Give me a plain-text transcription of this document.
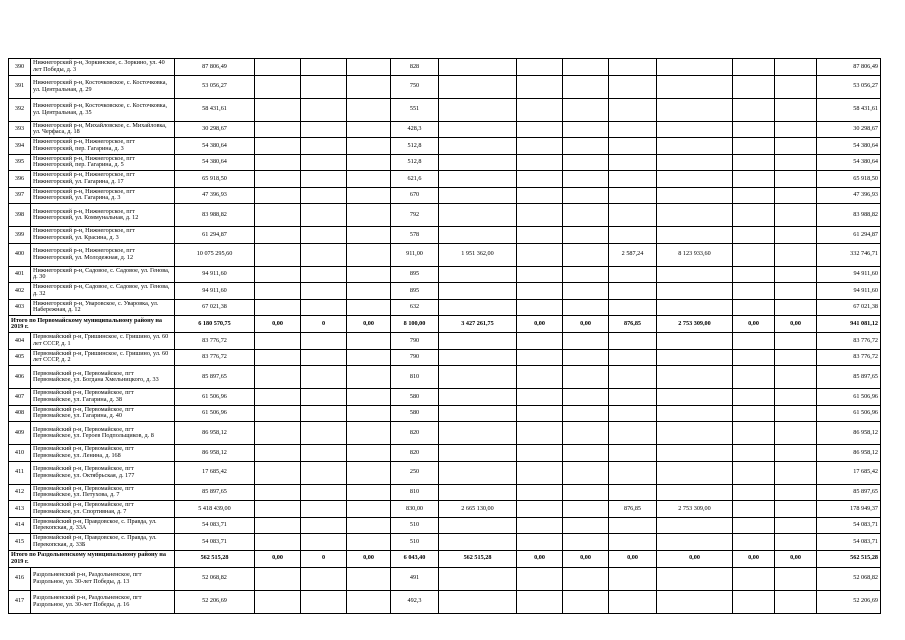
390	Нижнегорский р-н, Зоркинское, с. Зоркино, ул. 40 лет Победы, д. 3	87 806,49				828								87 806,49
391	Нижнегорский р-н, Косточковское, с. Косточковка, ул. Центральная, д. 29	53 056,27				750								53 056,27
392	Нижнегорский р-н, Косточковское, с. Косточковка, ул. Центральная, д. 35	58 431,61				551								58 431,61
393	Нижнегорский р-н, Михайловское, с. Михайловка, ул. Черфаса, д. 18	30 298,67				428,3								30 298,67
394	Нижнегорский р-н, Нижнегорское, пгт Нижнегорский, пер. Гагарина, д. 3	54 380,64				512,8								54 380,64
395	Нижнегорский р-н, Нижнегорское, пгт Нижнегорский, пер. Гагарина, д. 5	54 380,64				512,8								54 380,64
396	Нижнегорский р-н, Нижнегорское, пгт Нижнегорский, ул. Гагарина, д. 17	65 918,50				621,6								65 918,50
397	Нижнегорский р-н, Нижнегорское, пгт Нижнегорский, ул. Гагарина, д. 3	47 396,93				670								47 396,93
398	Нижнегорский р-н, Нижнегорское, пгт Нижнегорский, ул. Коммунальная, д. 12	83 988,82				792								83 988,82
399	Нижнегорский р-н, Нижнегорское, пгт Нижнегорский, ул. Красина, д. 3	61 294,87				578								61 294,87
400	Нижнегорский р-н, Нижнегорское, пгт Нижнегорский, ул. Молодежная, д. 12	10 075 295,60				911,00	1 951 362,00			2 587,24	8 123 933,60			332 746,71
401	Нижнегорский р-н, Садовое, с. Садовое, ул. Генова, д. 30	94 911,60				895								94 911,60
402	Нижнегорский р-н, Садовое, с. Садовое, ул. Генова, д. 32	94 911,60				895								94 911,60
403	Нижнегорский р-н, Уваровское, с. Уваровка, ул. Набережная, д. 12	67 021,38				632								67 021,38
Итого по Первомайскому муниципальному району на 2019 г.		6 180 570,75	0,00	0	0,00	8 100,00	3 427 261,75	0,00	0,00	876,85	2 753 309,00	0,00	0,00	941 081,12
404	Первомайский р-н, Гришинское, с. Гришино, ул. 60 лет СССР, д. 1	83 776,72				790								83 776,72
405	Первомайский р-н, Гришинское, с. Гришино, ул. 60 лет СССР, д. 2	83 776,72				790								83 776,72
406	Первомайский р-н, Первомайское, пгт Первомайское, ул. Богдана Хмельницкого, д. 33	85 897,65				810								85 897,65
407	Первомайский р-н, Первомайское, пгт Первомайское, ул. Гагарина, д. 38	61 506,96				580								61 506,96
408	Первомайский р-н, Первомайское, пгт Первомайское, ул. Гагарина, д. 40	61 506,96				580								61 506,96
409	Первомайский р-н, Первомайское, пгт Первомайское, ул. Героев Подпольщиков, д. 8	86 958,12				820								86 958,12
410	Первомайский р-н, Первомайское, пгт Первомайское, ул. Ленина, д. 168	86 958,12				820								86 958,12
411	Первомайский р-н, Первомайское, пгт Первомайское, ул. Октябрьская, д. 177	17 685,42				250								17 685,42
412	Первомайский р-н, Первомайское, пгт Первомайское, ул. Петухова, д. 7	85 897,65				810								85 897,65
413	Первомайский р-н, Первомайское, пгт Первомайское, ул. Спортивная, д. 7	5 418 439,00				830,00	2 665 130,00			876,85	2 753 309,00			178 949,37
414	Первомайский р-н, Правдовское, с. Правда, ул. Перекопская, д. 33А	54 083,71				510								54 083,71
415	Первомайский р-н, Правдовское, с. Правда, ул. Перекопская, д. 33Б	54 083,71				510								54 083,71
Итого по Раздольненскому муниципальному району на 2019 г.		562 515,28	0,00	0	0,00	6 043,40	562 515,28	0,00	0,00	0,00	0,00	0,00	0,00	562 515,28
416	Раздольненский р-н, Раздольненское, пгт Раздольное, ул. 30-лет Победы, д. 13	52 068,82				491								52 068,82
417	Раздольненский р-н, Раздольненское, пгт Раздольное, ул. 30-лет Победы, д. 16	52 206,69				492,3								52 206,69
